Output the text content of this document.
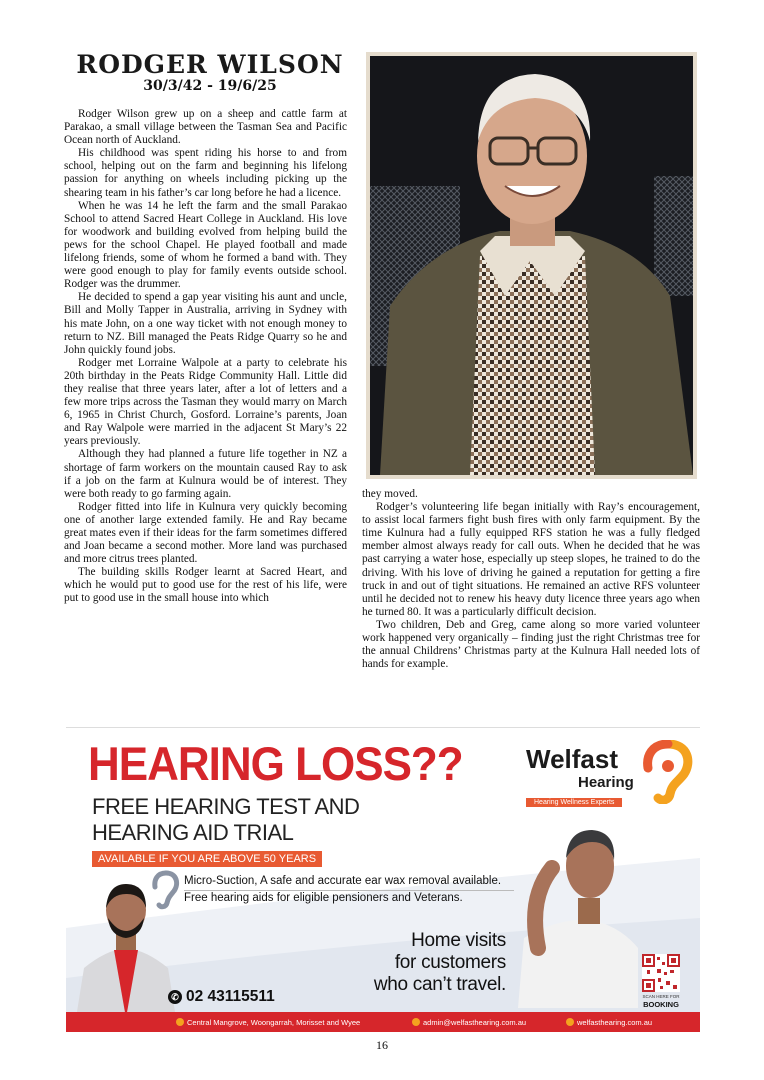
RODGER WILSON
30/3/42 - 19/6/25

Rodger Wilson grew up on a sheep and cattle farm at Parakao, a small village between the Tasman Sea and Pacific Ocean north of Auckland.

His childhood was spent riding his horse to and from school, helping out on the farm and beginning his lifelong passion for anything on wheels including picking up the shearing team in his father’s car long before he had a licence.

When he was 14 he left the farm and the small Parakao School to attend Sacred Heart College in Auckland. His love for woodwork and building evolved from helping build the pews for the school Chapel. He played football and made lifelong friends, some of whom he formed a band with. They were good enough to play for family events outside school. Rodger was the drummer.

He decided to spend a gap year visiting his aunt and uncle, Bill and Molly Tapper in Australia, arriving in Sydney with his mate John, on a one way ticket with not enough money to return to NZ. Bill managed the Peats Ridge Quarry so he and John quickly found jobs.

Rodger met Lorraine Walpole at a party to celebrate his 20th birthday in the Peats Ridge Community Hall. Little did they realise that three years later, after a lot of letters and a few more trips across the Tasman they would marry on March 6, 1965 in Christ Church, Gosford. Lorraine’s parents, Joan and Ray Walpole were married in the adjacent St Mary’s 22 years previously.

Although they had planned a future life together in NZ a shortage of farm workers on the mountain caused Ray to ask if a job on the farm at Kulnura would be of interest. They were both ready to go farming again.

Rodger fitted into life in Kulnura very quickly becoming one of another large extended family. He and Ray became great mates even if their ideas for the farm sometimes differed and Joan became a second mother. More land was purchased and more citrus trees planted.

The building skills Rodger learnt at Sacred Heart, and which he would put to good use for the rest of his life, were put to good use in the small house into which

they moved.

Rodger’s volunteering life began initially with Ray’s encouragement, to assist local farmers fight bush fires with only farm equipment. By the time Kulnura had a fully equipped RFS station he was a fully fledged member almost always ready for call outs. When he decided that he was past carrying a water hose, especially up steep slopes, he trained to do the driving. With his love of driving he gained a reputation for getting a fire truck in and out of tight situations. He remained an active RFS volunteer until he decided not to renew his heavy duty licence three years ago when he turned 80. It was a particularly difficult decision.

Two children, Deb and Greg, came along so more varied volunteer work happened very organically – finding just the right Christmas tree for the annual Childrens’ Christmas party at the Kulnura Hall needed lots of hands for example.

HEARING LOSS??
FREE HEARING TEST AND
HEARING AID TRIAL
AVAILABLE IF YOU ARE ABOVE 50 YEARS
Welfast
Hearing
Hearing Wellness Experts
Micro-Suction, A safe and accurate ear wax removal available.
Free hearing aids for eligible pensioners and Veterans.
Home visits
for customers
who can’t travel.
✆ 02 43115511	SCAN HERE FOR
BOOKING
Central Mangrove, Woongarrah, Morisset and Wyee	admin@welfasthearing.com.au	welfasthearing.com.au
16
